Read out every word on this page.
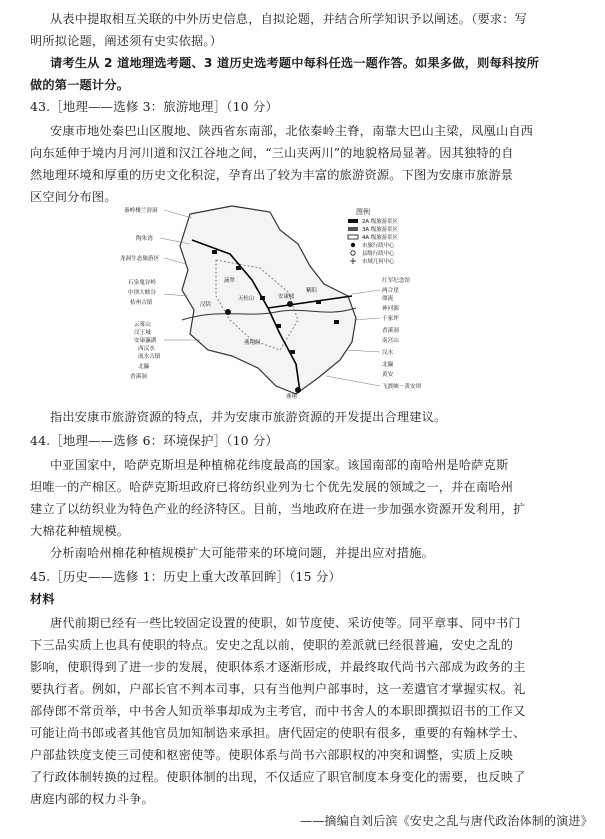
从表中提取相互关联的中外历史信息，自拟论题，并结合所学知识予以阐述。（要求：写
明所拟论题，阐述须有史实依据。）
请考生从 2 道地理选考题、3 道历史选考题中每科任选一题作答。如果多做，则每科按所
做的第一题计分。
43.［地理——选修 3：旅游地理］（10 分）
安康市地处秦巴山区腹地、陕西省东南部，北依秦岭主脊，南靠大巴山主梁，凤凰山自西
向东延伸于境内月河川道和汉江谷地之间，“三山夹两川”的地貌格局显著。因其独特的自
然地理环境和厚重的历史文化积淀，孕育出了较为丰富的旅游资源。下图为安康市旅游景
区空间分布图。
秦岭楼兰溶洞
陶朱湾
龙洞生态旅游区
石泉鬼谷岭
中坝大峡谷
桔州古镇
云雾山
汉王城
安康瀛湖
西汉水
流水古镇
北瀛
香溪洞
滴翠
天柱山
燕翔洞
汉阴
紫阳
安康城
燕翔
红军纪念馆
两合崖
漂流
神河源
千家坪
香溪洞
南宫山
汉水
北瀛
黄安
飞渡峡－黄安坝
图例
2A 级旅游景区
3A 级旅游景区
4A 级旅游景区
市旅行政中心
县级行政中心
市域几何中心
指出安康市旅游资源的特点，并为安康市旅游资源的开发提出合理建议。
44.［地理——选修 6：环境保护］（10 分）
中亚国家中，哈萨克斯坦是种植棉花纬度最高的国家。该国南部的南哈州是哈萨克斯
坦唯一的产棉区。哈萨克斯坦政府已将纺织业列为七个优先发展的领域之一，并在南哈州
建立了以纺织业为特色产业的经济特区。目前，当地政府在进一步加强水资源开发利用，扩
大棉花种植规模。
分析南哈州棉花种植规模扩大可能带来的环境问题，并提出应对措施。
45.［历史——选修 1：历史上重大改革回眸］（15 分）
材料
唐代前期已经有一些比较固定设置的使职，如节度使、采访使等。同平章事、同中书门
下三品实质上也具有使职的特点。安史之乱以前，使职的差派就已经很普遍，安史之乱的
影响，使职得到了进一步的发展，使职体系才逐渐形成，并最终取代尚书六部成为政务的主
要执行者。例如，户部长官不判本司事，只有当他判户部事时，这一差遣官才掌握实权。礼
部侍郎不常贡举，中书舍人知贡举事却成为主考官，而中书舍人的本职即撰拟诏书的工作又
可能让尚书郎或者其他官员加知制诰来承担。唐代固定的使职有很多，重要的有翰林学士、
户部盐铁度支使三司使和枢密使等。使职体系与尚书六部职权的冲突和调整，实质上反映
了行政体制转换的过程。使职体制的出现，不仅适应了职官制度本身变化的需要，也反映了
唐庭内部的权力斗争。
——摘编自刘后滨《安史之乱与唐代政治体制的演进》
